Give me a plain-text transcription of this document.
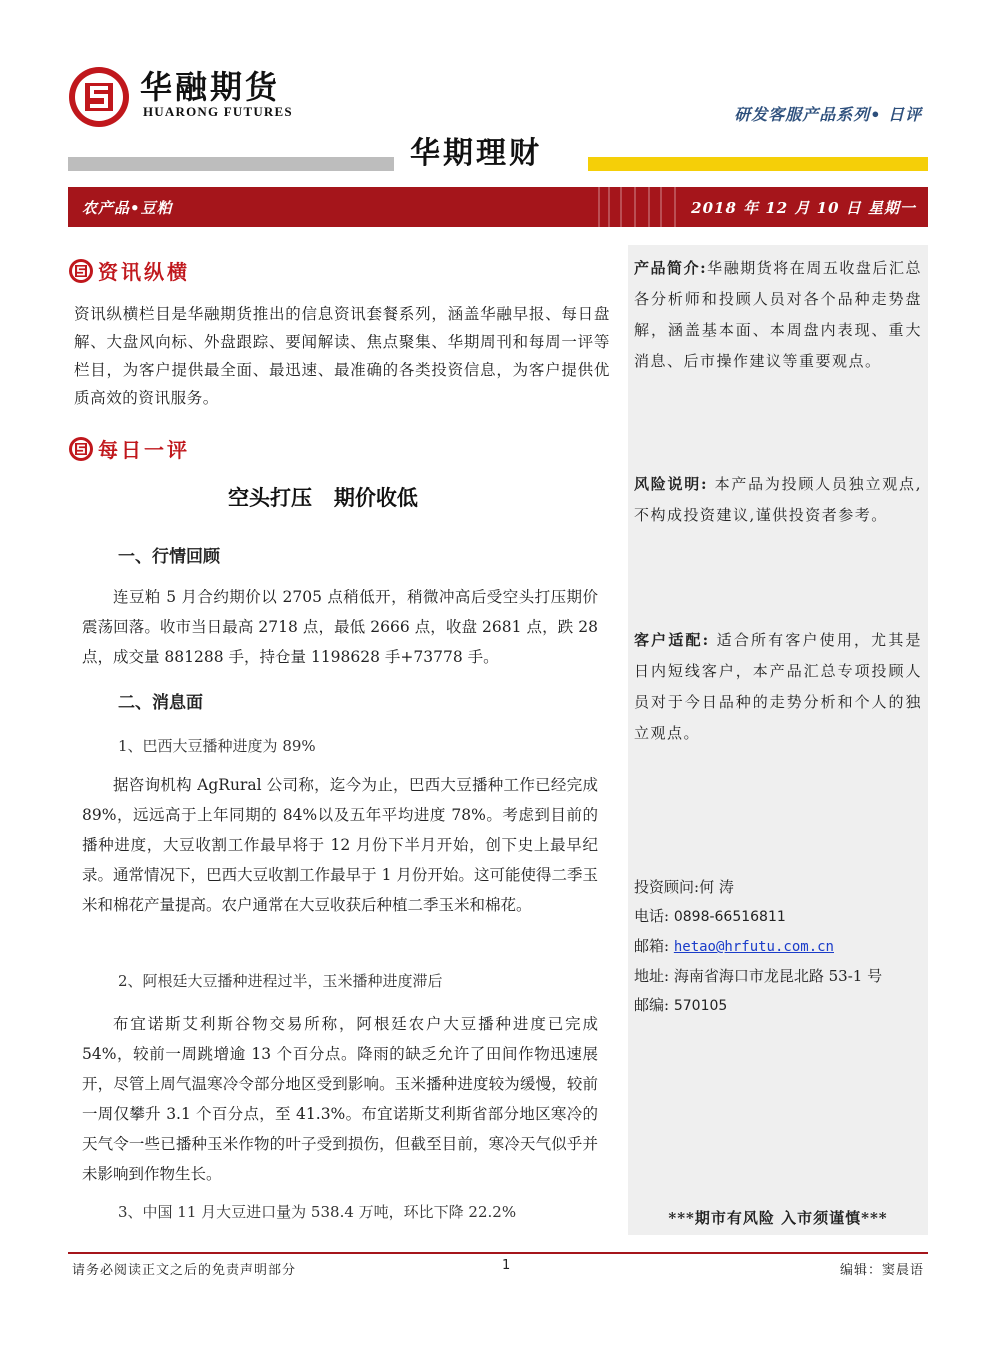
华融期货
HUARONG FUTURES	研发客服产品系列• 日评
华期理财
农产品•豆粕	2018 年 12 月 10 日 星期一
产品简介:华融期货将在周五收盘后汇总各分析师和投顾人员对各个品种走势盘解，涵盖基本面、本周盘内表现、重大消息、后市操作建议等重要观点。
风险说明: 本产品为投顾人员独立观点,不构成投资建议,谨供投资者参考。
客户适配: 适合所有客户使用，尤其是日内短线客户，本产品汇总专项投顾人员对于今日品种的走势分析和个人的独立观点。
投资顾问:何 涛
电话: 0898-66516811
邮箱: hetao@hrfutu.com.cn
地址: 海南省海口市龙昆北路 53-1 号
邮编: 570105
***期市有风险 入市须谨慎***
资讯纵横
资讯纵横栏目是华融期货推出的信息资讯套餐系列，涵盖华融早报、每日盘解、大盘风向标、外盘跟踪、要闻解读、焦点聚集、华期周刊和每周一评等栏目，为客户提供最全面、最迅速、最准确的各类投资信息，为客户提供优质高效的资讯服务。
每日一评
空头打压   期价收低
一、行情回顾
连豆粕 5 月合约期价以 2705 点稍低开，稍微冲高后受空头打压期价震荡回落。收市当日最高 2718 点，最低 2666 点，收盘 2681 点，跌 28 点，成交量 881288 手，持仓量 1198628 手+73778 手。
二、消息面
1、巴西大豆播种进度为 89%
据咨询机构 AgRural 公司称，迄今为止，巴西大豆播种工作已经完成 89%，远远高于上年同期的 84%以及五年平均进度 78%。考虑到目前的播种进度，大豆收割工作最早将于 12 月份下半月开始，创下史上最早纪录。通常情况下，巴西大豆收割工作最早于 1 月份开始。这可能使得二季玉米和棉花产量提高。农户通常在大豆收获后种植二季玉米和棉花。
2、阿根廷大豆播种进程过半，玉米播种进度滞后
布宜诺斯艾利斯谷物交易所称，阿根廷农户大豆播种进度已完成 54%，较前一周跳增逾 13 个百分点。降雨的缺乏允许了田间作物迅速展开，尽管上周气温寒冷令部分地区受到影响。玉米播种进度较为缓慢，较前一周仅攀升 3.1 个百分点，至 41.3%。布宜诺斯艾利斯省部分地区寒冷的天气令一些已播种玉米作物的叶子受到损伤，但截至目前，寒冷天气似乎并未影响到作物生长。
3、中国 11 月大豆进口量为 538.4 万吨，环比下降 22.2%
请务必阅读正文之后的免责声明部分	1	编辑：窦晨语
